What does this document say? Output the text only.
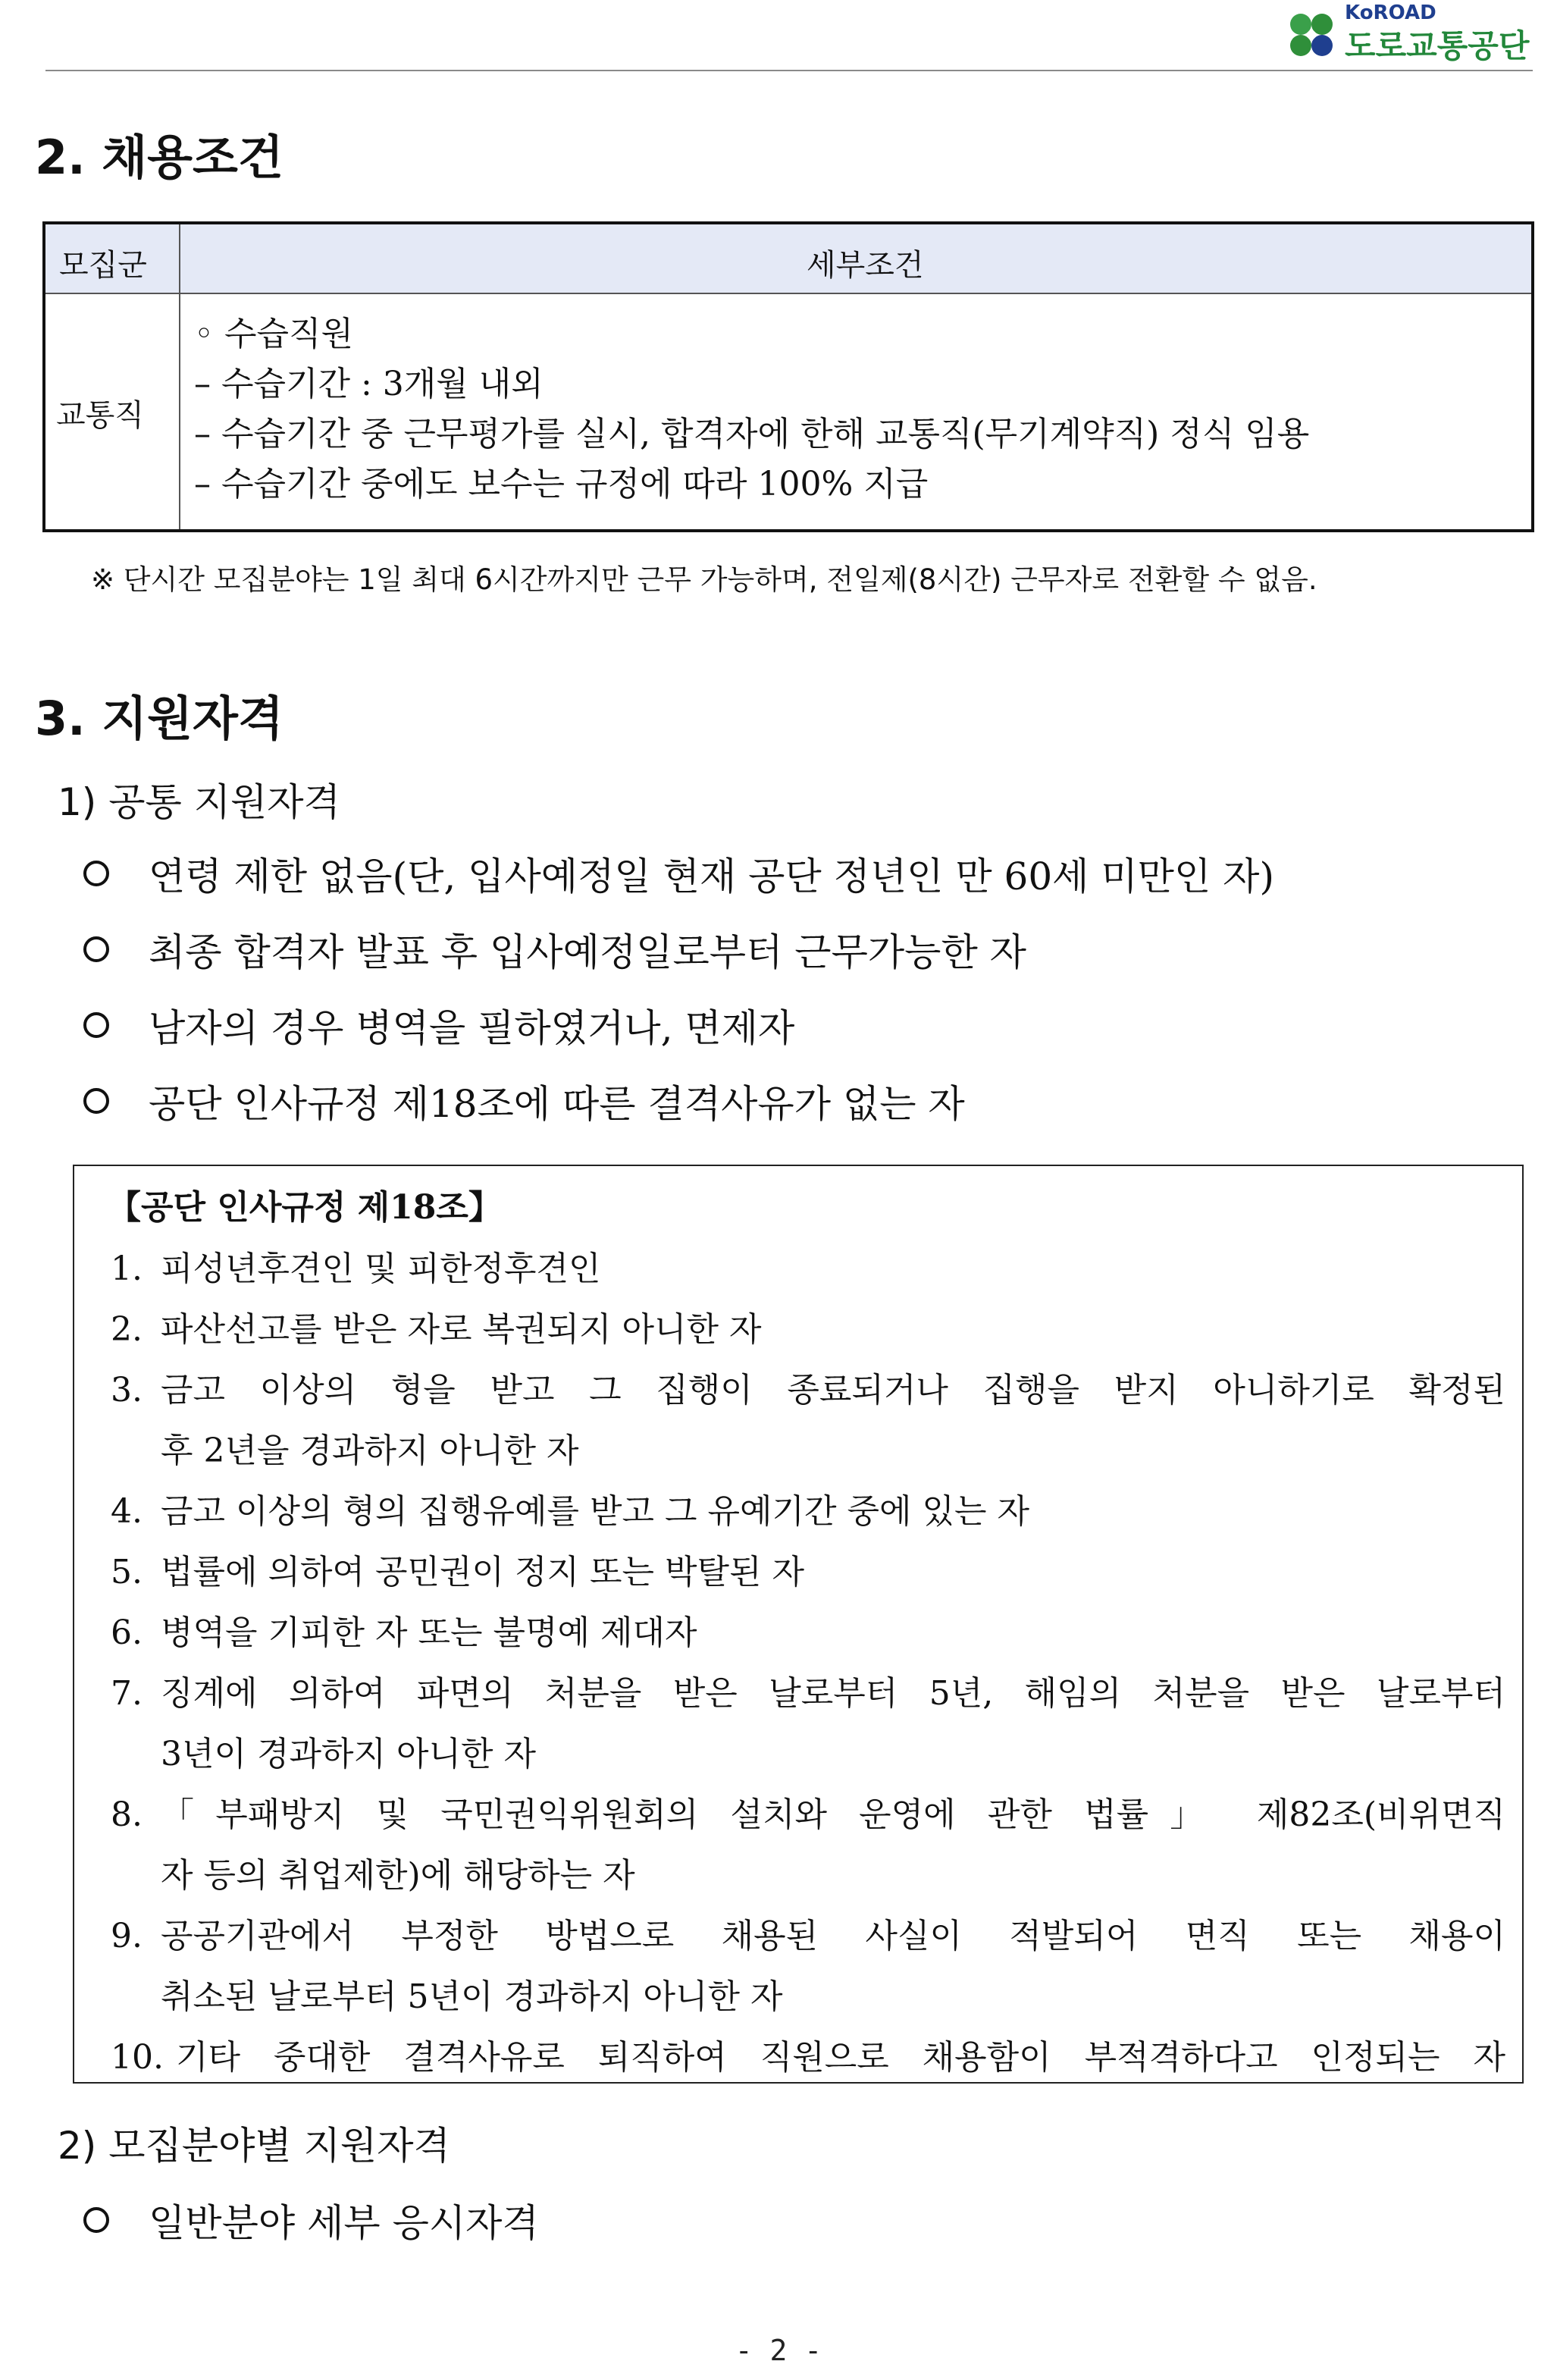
KoROAD
도로교통공단
2. 채용조건
모집군	세부조건
교통직
◦ 수습직원
– 수습기간 : 3개월 내외
– 수습기간 중 근무평가를 실시, 합격자에 한해 교통직(무기계약직) 정식 임용
– 수습기간 중에도 보수는 규정에 따라 100% 지급
※ 단시간 모집분야는 1일 최대 6시간까지만 근무 가능하며, 전일제(8시간) 근무자로 전환할 수 없음.
3. 지원자격
1) 공통 지원자격
연령 제한 없음(단, 입사예정일 현재 공단 정년인 만 60세 미만인 자)
최종 합격자 발표 후 입사예정일로부터 근무가능한 자
남자의 경우 병역을 필하였거나, 면제자
공단 인사규정 제18조에 따른 결격사유가 없는 자
【공단 인사규정 제18조】
1. 피성년후견인 및 피한정후견인
2. 파산선고를 받은 자로 복권되지 아니한 자
3. 금고 이상의 형을 받고 그 집행이 종료되거나 집행을 받지 아니하기로 확정된
후 2년을 경과하지 아니한 자
4. 금고 이상의 형의 집행유예를 받고 그 유예기간 중에 있는 자
5. 법률에 의하여 공민권이 정지 또는 박탈된 자
6. 병역을 기피한 자 또는 불명예 제대자
7. 징계에 의하여 파면의 처분을 받은 날로부터 5년, 해임의 처분을 받은 날로부터
3년이 경과하지 아니한 자
8. 「부패방지 및 국민권익위원회의 설치와 운영에 관한 법률」 제82조(비위면직
자 등의 취업제한)에 해당하는 자
9. 공공기관에서 부정한 방법으로 채용된 사실이 적발되어 면직 또는 채용이
취소된 날로부터 5년이 경과하지 아니한 자
10. 기타 중대한 결격사유로 퇴직하여 직원으로 채용함이 부적격하다고 인정되는 자
2) 모집분야별 지원자격
일반분야 세부 응시자격
- 2 -
